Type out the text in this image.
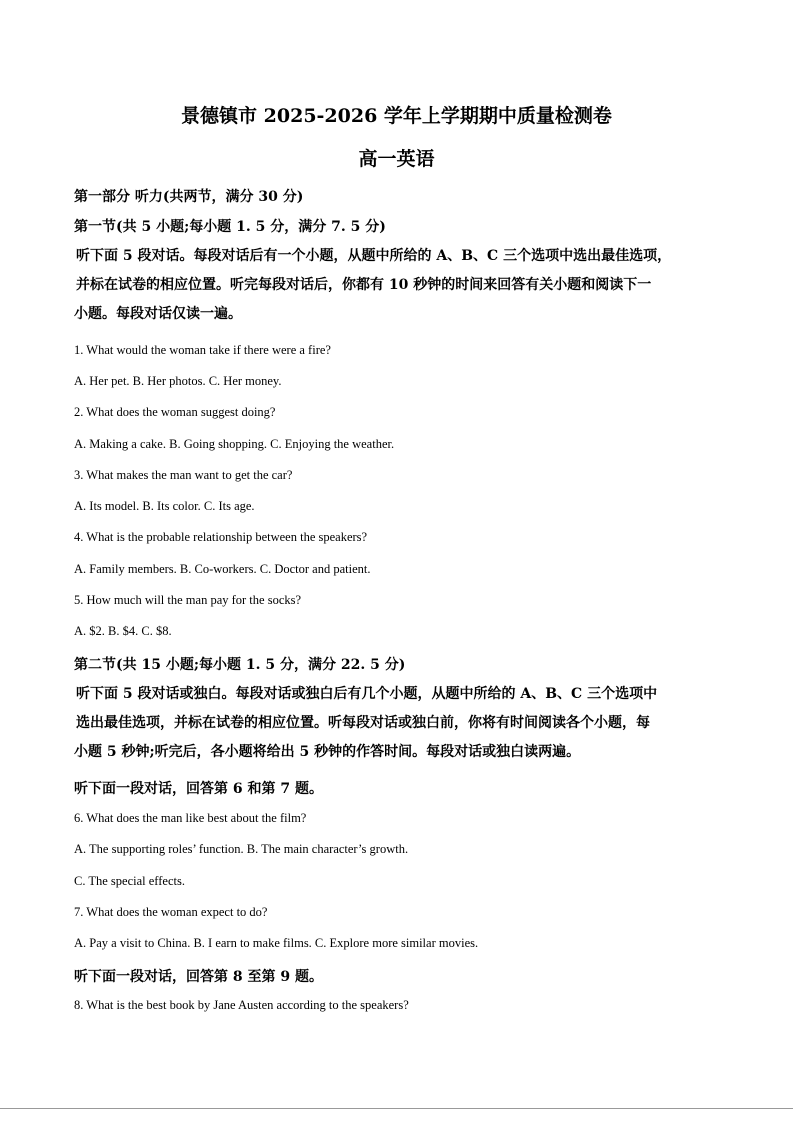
景德镇市 2025-2026 学年上学期期中质量检测卷
高一英语
第一部分 听力(共两节，满分 30 分)
第一节(共 5 小题;每小题 1. 5 分，满分 7. 5 分)

听下面 5 段对话。每段对话后有一个小题，从题中所给的 A、B、C 三个选项中选出最佳选项，

并标在试卷的相应位置。听完每段对话后，你都有 10 秒钟的时间来回答有关小题和阅读下一

小题。每段对话仅读一遍。

1. What would the woman take if there were a fire?
A. Her pet. B. Her photos. C. Her money.
2. What does the woman suggest doing?
A. Making a cake. B. Going shopping. C. Enjoying the weather.
3. What makes the man want to get the car?
A. Its model. B. Its color. C. Its age.
4. What is the probable relationship between the speakers?
A. Family members. B. Co-workers. C. Doctor and patient.
5. How much will the man pay for the socks?
A. $2. B. $4. C. $8.
第二节(共 15 小题;每小题 1. 5 分，满分 22. 5 分)

听下面 5 段对话或独白。每段对话或独白后有几个小题，从题中所给的 A、B、C 三个选项中

选出最佳选项，并标在试卷的相应位置。听每段对话或独白前，你将有时间阅读各个小题，每

小题 5 秒钟;听完后，各小题将给出 5 秒钟的作答时间。每段对话或独白读两遍。

听下面一段对话，回答第 6 和第 7 题。
6. What does the man like best about the film?
A. The supporting roles’ function. B. The main character’s growth.
C. The special effects.
7. What does the woman expect to do?
A. Pay a visit to China. B. I earn to make films. C. Explore more similar movies.
听下面一段对话，回答第 8 至第 9 题。
8. What is the best book by Jane Austen according to the speakers?
